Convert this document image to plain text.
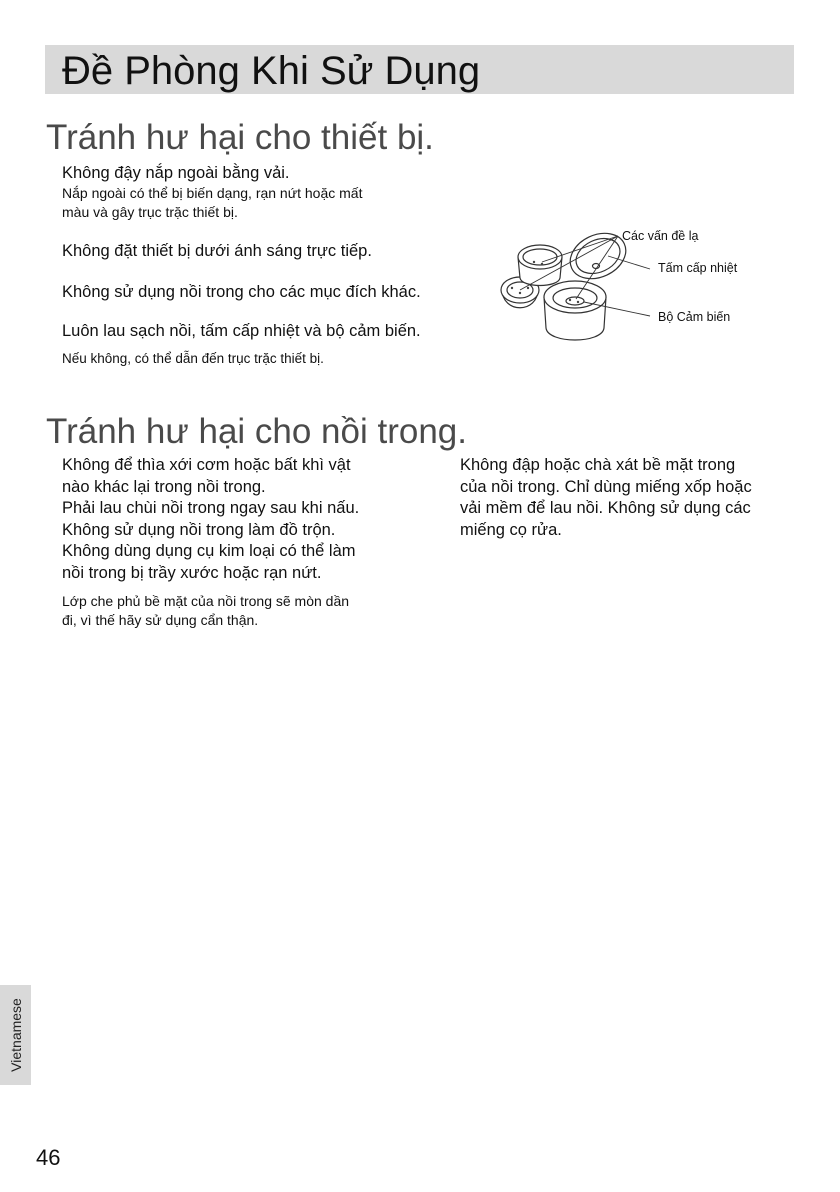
Đề Phòng Khi Sử Dụng
Tránh hư hại cho thiết bị.
Không đậy nắp ngoài bằng vải.
Nắp ngoài có thể bị biến dạng, rạn nứt hoặc mất
màu và gây trục trặc thiết bị.
Không đặt thiết bị dưới ánh sáng trực tiếp.
Không sử dụng nồi trong cho các mục đích khác.
Luôn lau sạch nồi, tấm cấp nhiệt và bộ cảm biến.
Nếu không, có thể dẫn đến trục trặc thiết bị.
Các vấn đề lạ
Tấm cấp nhiệt
Bộ Cảm biến
Tránh hư hại cho nồi trong.
Không để thìa xới cơm hoặc bất khì vật
nào khác lại trong nồi trong.
Phải lau chùi nồi trong ngay sau khi nấu.
Không sử dụng nồi trong làm đồ trộn.
Không dùng dụng cụ kim loại có thể làm
nồi trong bị trầy xước hoặc rạn nứt.
Lớp che phủ bề mặt của nồi trong sẽ mòn dần
đi, vì thế hãy sử dụng cẩn thận.
Không đập hoặc chà xát bề mặt trong
của nồi trong. Chỉ dùng miếng xốp hoặc
vải mềm để lau nồi. Không sử dụng các
miếng cọ rửa.
Vietnamese
46
